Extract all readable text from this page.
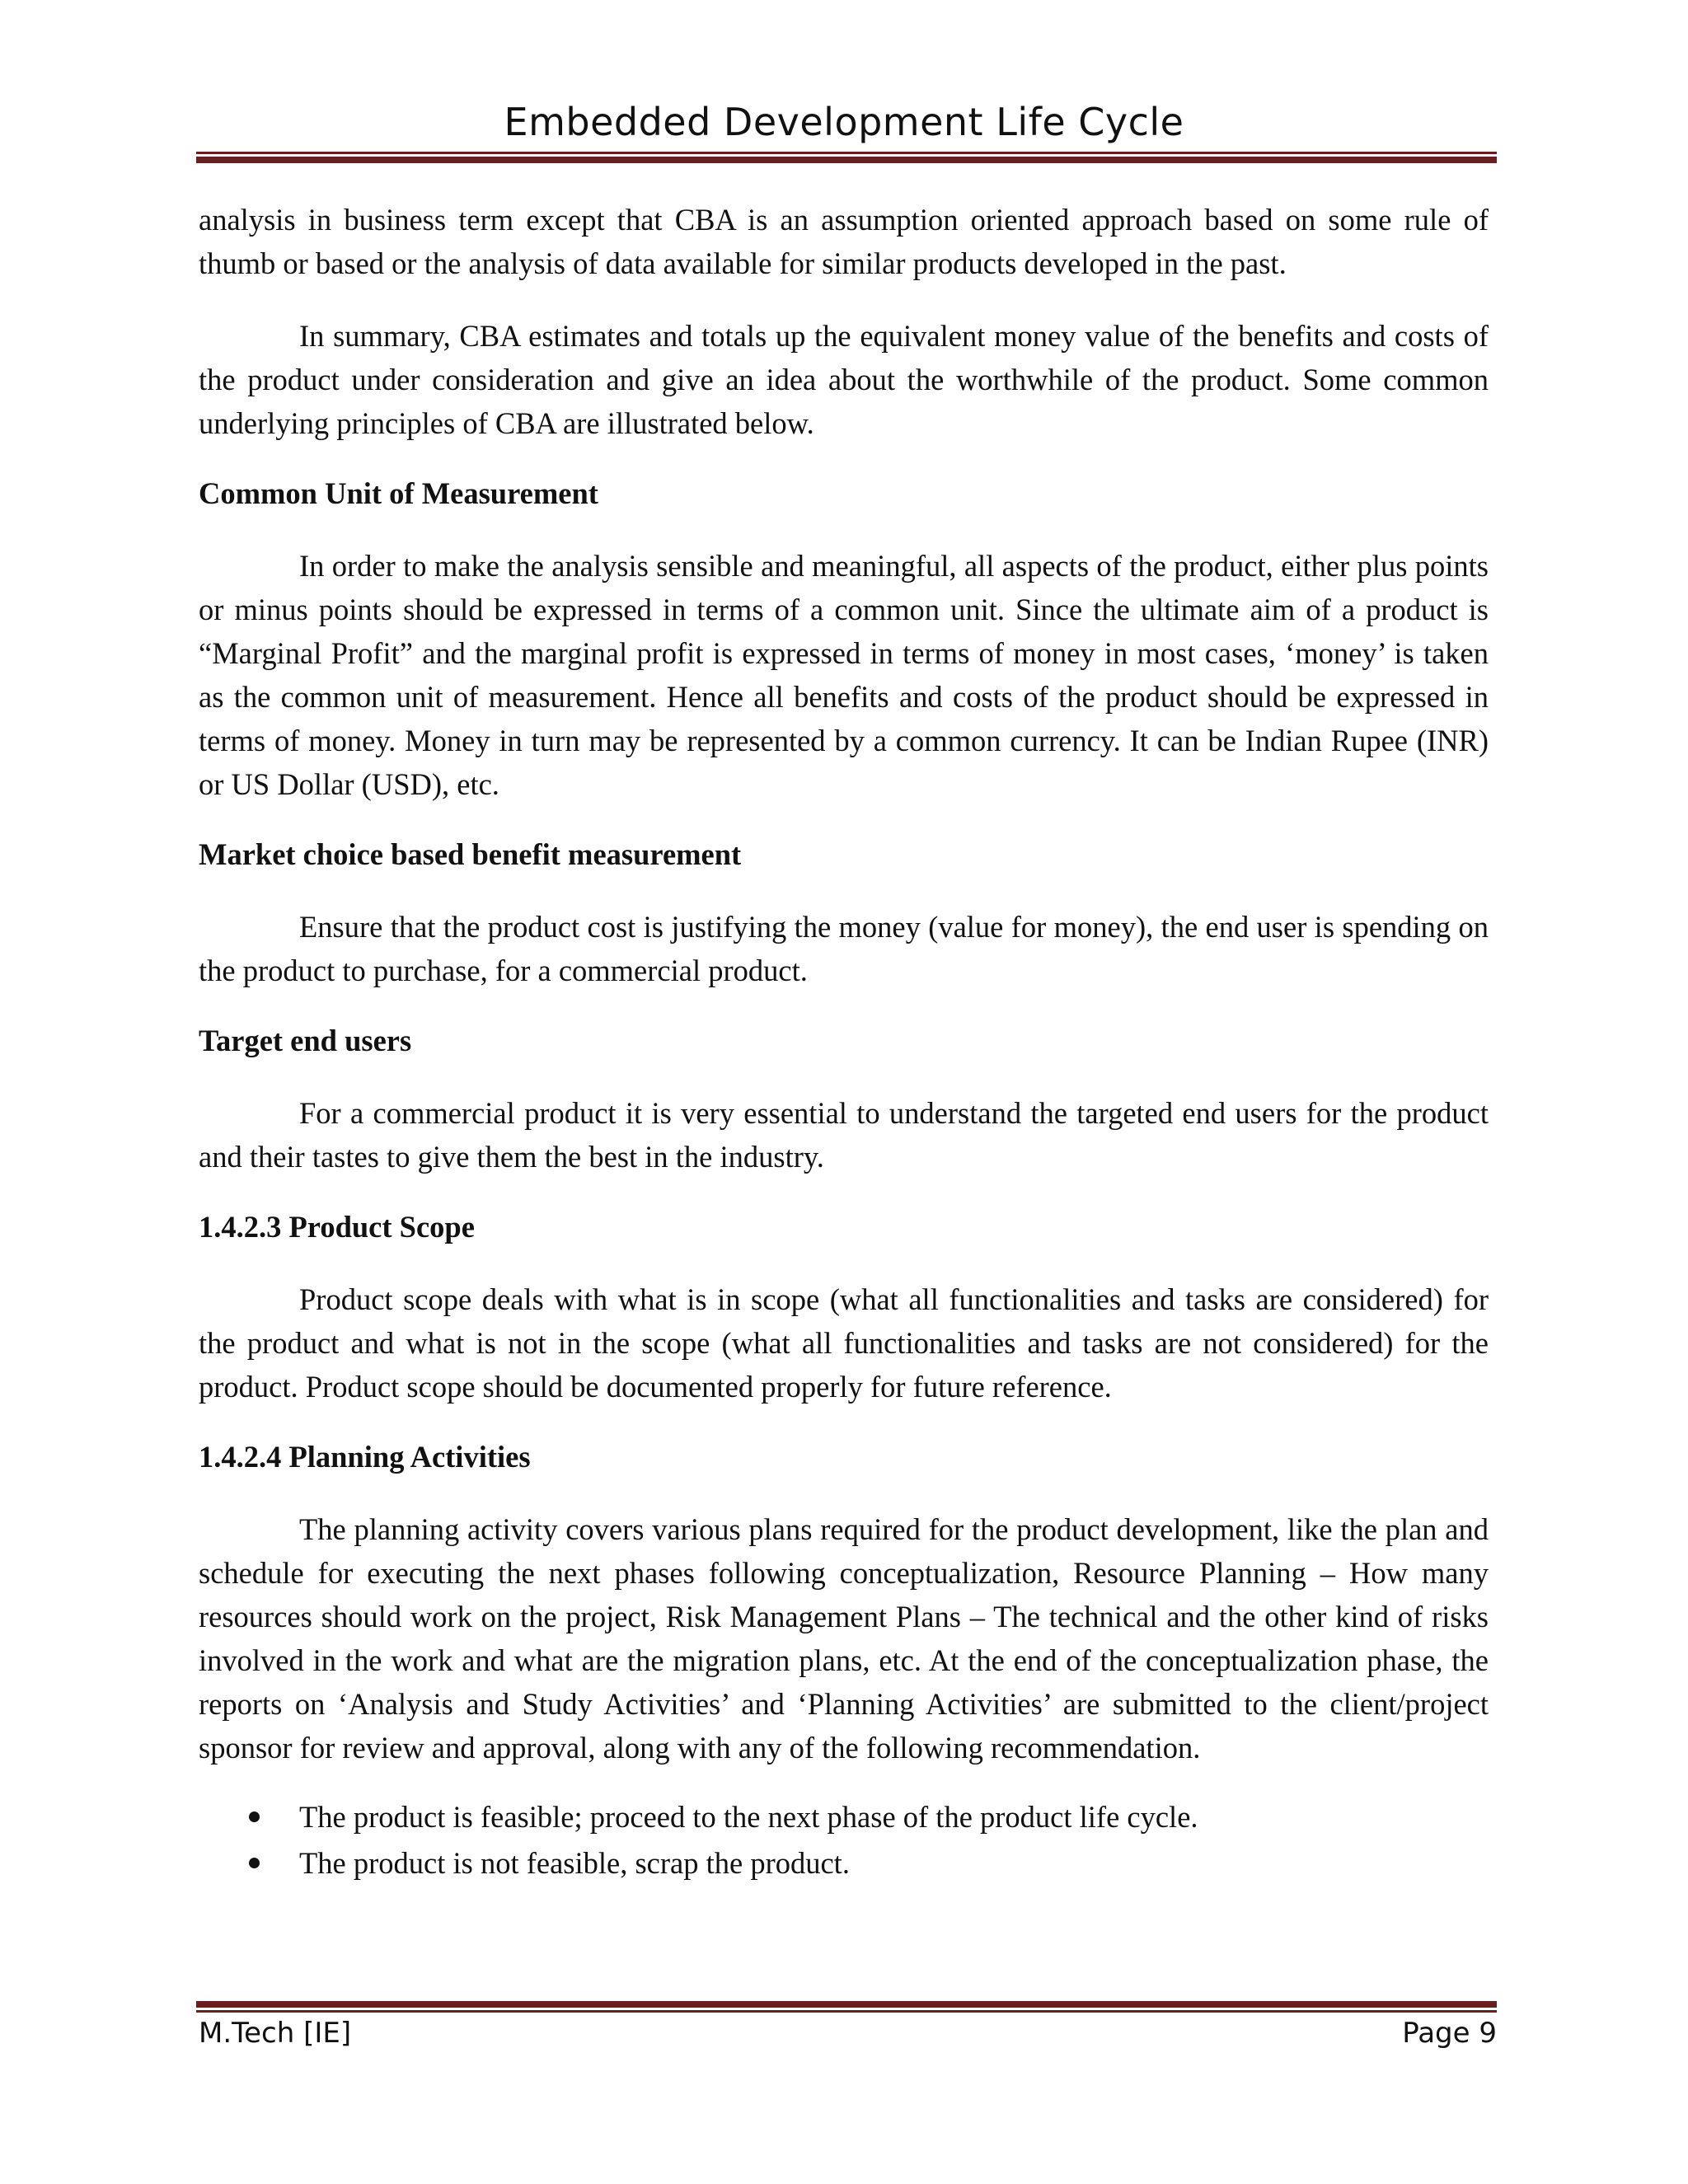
Embedded Development Life Cycle

analysis in business term except that CBA is an assumption oriented approach based on some rule of thumb or based or the analysis of data available for similar products developed in the past.

In summary, CBA estimates and totals up the equivalent money value of the benefits and costs of the product under consideration and give an idea about the worthwhile of the product. Some common underlying principles of CBA are illustrated below.

Common Unit of Measurement

In order to make the analysis sensible and meaningful, all aspects of the product, either plus points or minus points should be expressed in terms of a common unit. Since the ultimate aim of a product is “Marginal Profit” and the marginal profit is expressed in terms of money in most cases, ‘money’ is taken as the common unit of measurement. Hence all benefits and costs of the product should be expressed in terms of money. Money in turn may be represented by a common currency. It can be Indian Rupee (INR) or US Dollar (USD), etc.

Market choice based benefit measurement

Ensure that the product cost is justifying the money (value for money), the end user is spending on the product to purchase, for a commercial product.

Target end users

For a commercial product it is very essential to understand the targeted end users for the product and their tastes to give them the best in the industry.

1.4.2.3 Product Scope

Product scope deals with what is in scope (what all functionalities and tasks are considered) for the product and what is not in the scope (what all functionalities and tasks are not considered) for the product. Product scope should be documented properly for future reference.

1.4.2.4 Planning Activities

The planning activity covers various plans required for the product development, like the plan and schedule for executing the next phases following conceptualization, Resource Planning – How many resources should work on the project, Risk Management Plans – The technical and the other kind of risks involved in the work and what are the migration plans, etc. At the end of the conceptualization phase, the reports on ‘Analysis and Study Activities’ and ‘Planning Activities’ are submitted to the client/project sponsor for review and approval, along with any of the following recommendation.

The product is feasible; proceed to the next phase of the product life cycle.
The product is not feasible, scrap the product.
M.Tech [IE]	Page 9
